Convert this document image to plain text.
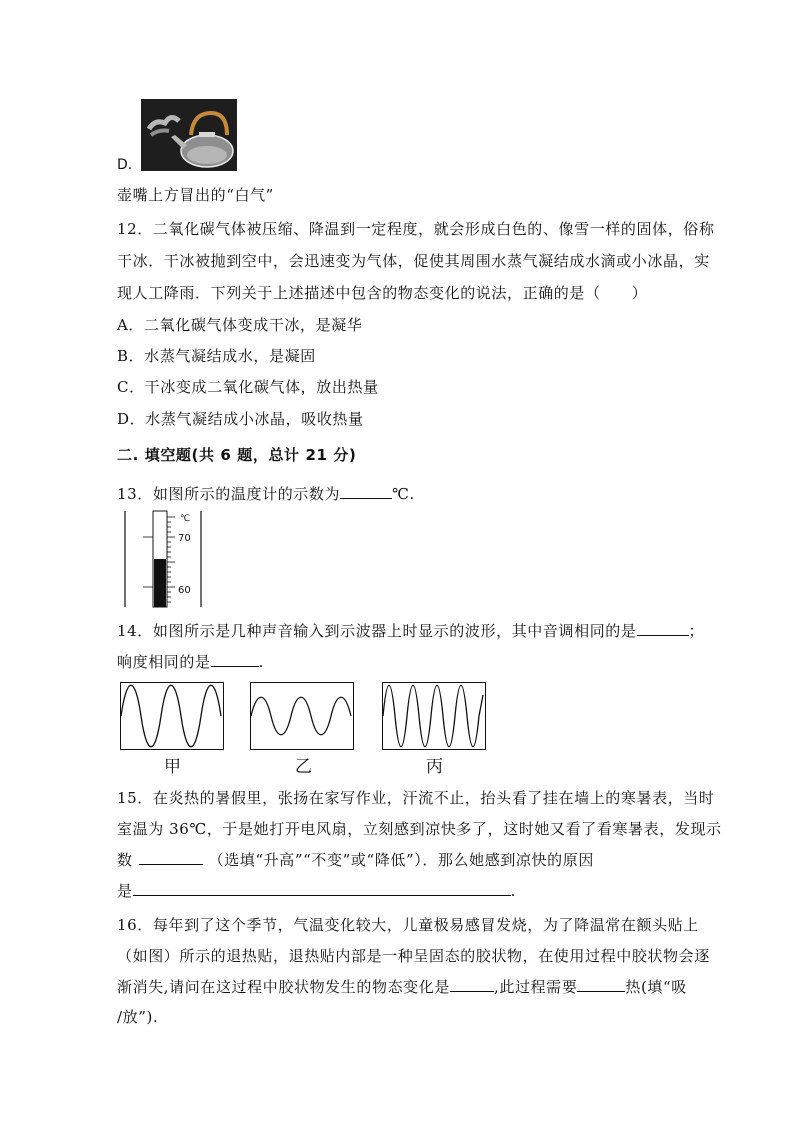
D.
壶嘴上方冒出的“白气”
12．二氧化碳气体被压缩、降温到一定程度，就会形成白色的、像雪一样的固体，俗称
干冰．干冰被抛到空中，会迅速变为气体，促使其周围水蒸气凝结成水滴或小冰晶，实
现人工降雨．下列关于上述描述中包含的物态变化的说法，正确的是（　　）
A．二氧化碳气体变成干冰，是凝华
B．水蒸气凝结成水，是凝固
C．干冰变成二氧化碳气体，放出热量
D．水蒸气凝结成小冰晶，吸收热量
二. 填空题(共 6 题，总计 21 分)
13．如图所示的温度计的示数为	℃.
℃
70
60
14．如图所示是几种声音输入到示波器上时显示的波形，其中音调相同的是	；
响度相同的是	.
甲	乙	丙
15．在炎热的暑假里，张扬在家写作业，汗流不止，抬头看了挂在墙上的寒暑表，当时
室温为 36℃，于是她打开电风扇，立刻感到凉快多了，这时她又看了看寒暑表，发现示
数	（选填“升高”“不变”或“降低”）．那么她感到凉快的原因
是	.
16．每年到了这个季节，气温变化较大，儿童极易感冒发烧，为了降温常在额头贴上
（如图）所示的退热贴，退热贴内部是一种呈固态的胶状物，在使用过程中胶状物会逐
渐消失,请问在这过程中胶状物发生的物态变化是	,此过程需要	热(填“吸
/放”).
